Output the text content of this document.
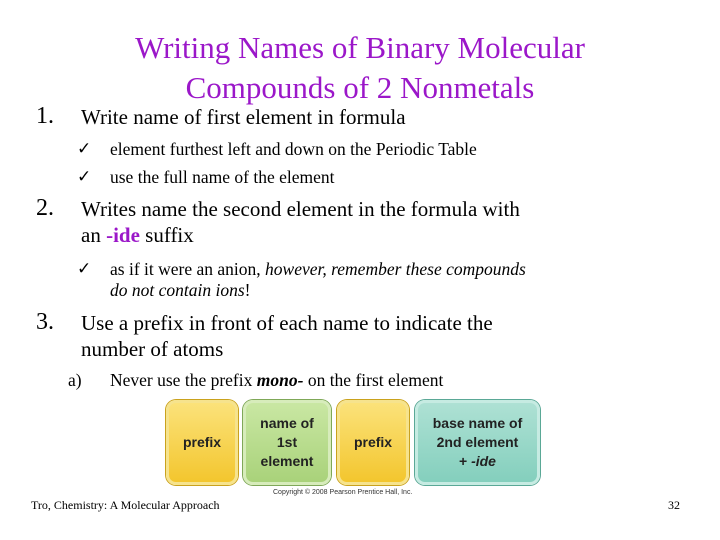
Writing Names of Binary Molecular
Compounds of 2 Nonmetals
1. Write name of first element in formula
✓ element furthest left and down on the Periodic Table
✓ use the full name of the element
2. Writes name the second element in the formula with
an -ide suffix
✓ as if it were an anion, however, remember these compounds
do not contain ions!
3. Use a prefix in front of each name to indicate the
number of atoms
a) Never use the prefix mono- on the first element
prefix
name of
1st
element
prefix
base name of
2nd element
+ -ide
Copyright © 2008 Pearson Prentice Hall, Inc.
Tro, Chemistry: A Molecular Approach	32
